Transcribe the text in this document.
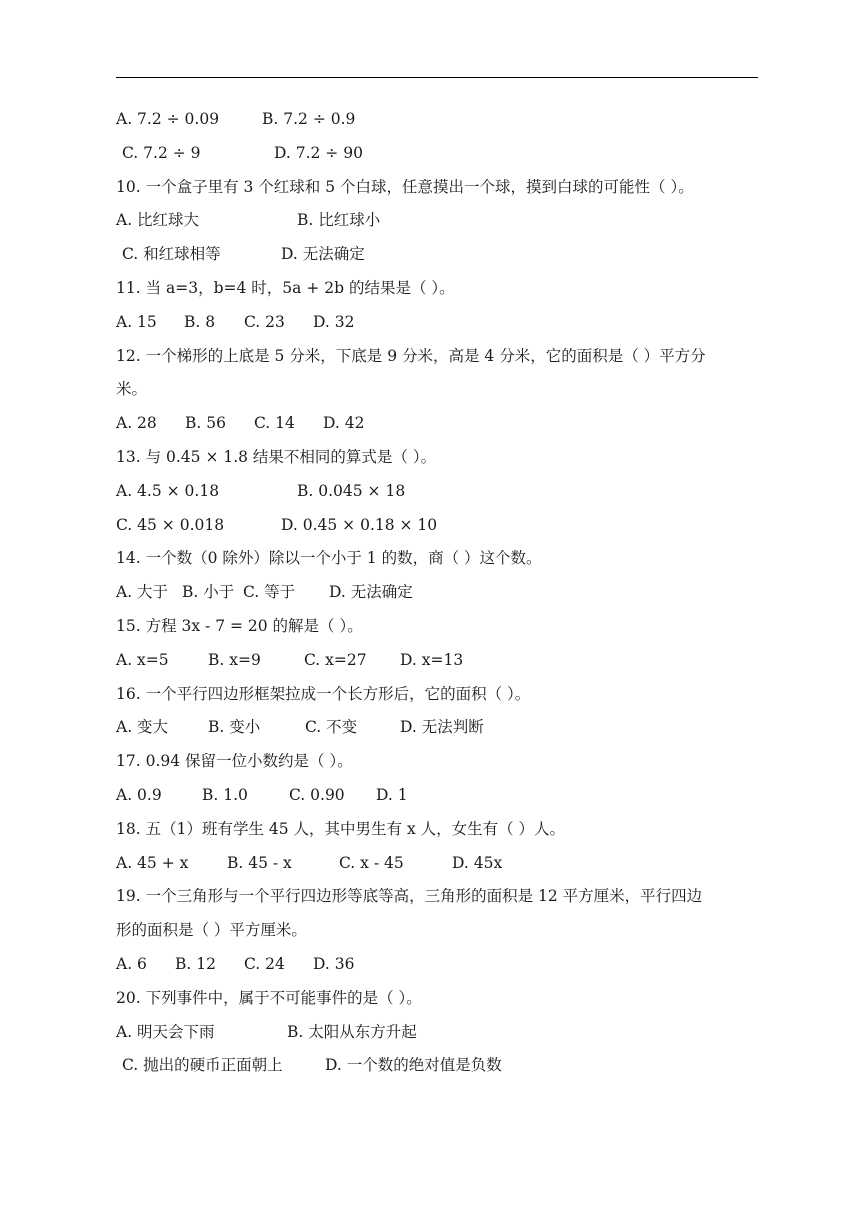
A. 7.2 ÷ 0.09	B. 7.2 ÷ 0.9
C. 7.2 ÷ 9	D. 7.2 ÷ 90
10. 一个盒子里有 3 个红球和 5 个白球，任意摸出一个球，摸到白球的可能性（ ）。
A. 比红球大	B. 比红球小
C. 和红球相等	D. 无法确定
11. 当 a=3，b=4 时，5a + 2b 的结果是（ ）。
A. 15 B. 8 C. 23 D. 32
12. 一个梯形的上底是 5 分米，下底是 9 分米，高是 4 分米，它的面积是（ ）平方分
米。
A. 28 B. 56 C. 14 D. 42
13. 与 0.45 × 1.8 结果不相同的算式是（ ）。
A. 4.5 × 0.18	B. 0.045 × 18
C. 45 × 0.018	D. 0.45 × 0.18 × 10
14. 一个数（0 除外）除以一个小于 1 的数，商（ ）这个数。
A. 大于 B. 小于 C. 等于 D. 无法确定
15. 方程 3x - 7 = 20 的解是（ ）。
A. x=5	B. x=9	C. x=27 D. x=13
16. 一个平行四边形框架拉成一个长方形后，它的面积（ ）。
A. 变大	B. 变小	C. 不变	D. 无法判断
17. 0.94 保留一位小数约是（ ）。
A. 0.9	B. 1.0	C. 0.90 D. 1
18. 五（1）班有学生 45 人，其中男生有 x 人，女生有（ ）人。
A. 45 + x B. 45 - x	C. x - 45	D. 45x
19. 一个三角形与一个平行四边形等底等高，三角形的面积是 12 平方厘米，平行四边
形的面积是（ ）平方厘米。
A. 6 B. 12 C. 24 D. 36
20. 下列事件中，属于不可能事件的是（ ）。
A. 明天会下雨	B. 太阳从东方升起
C. 抛出的硬币正面朝上	D. 一个数的绝对值是负数
